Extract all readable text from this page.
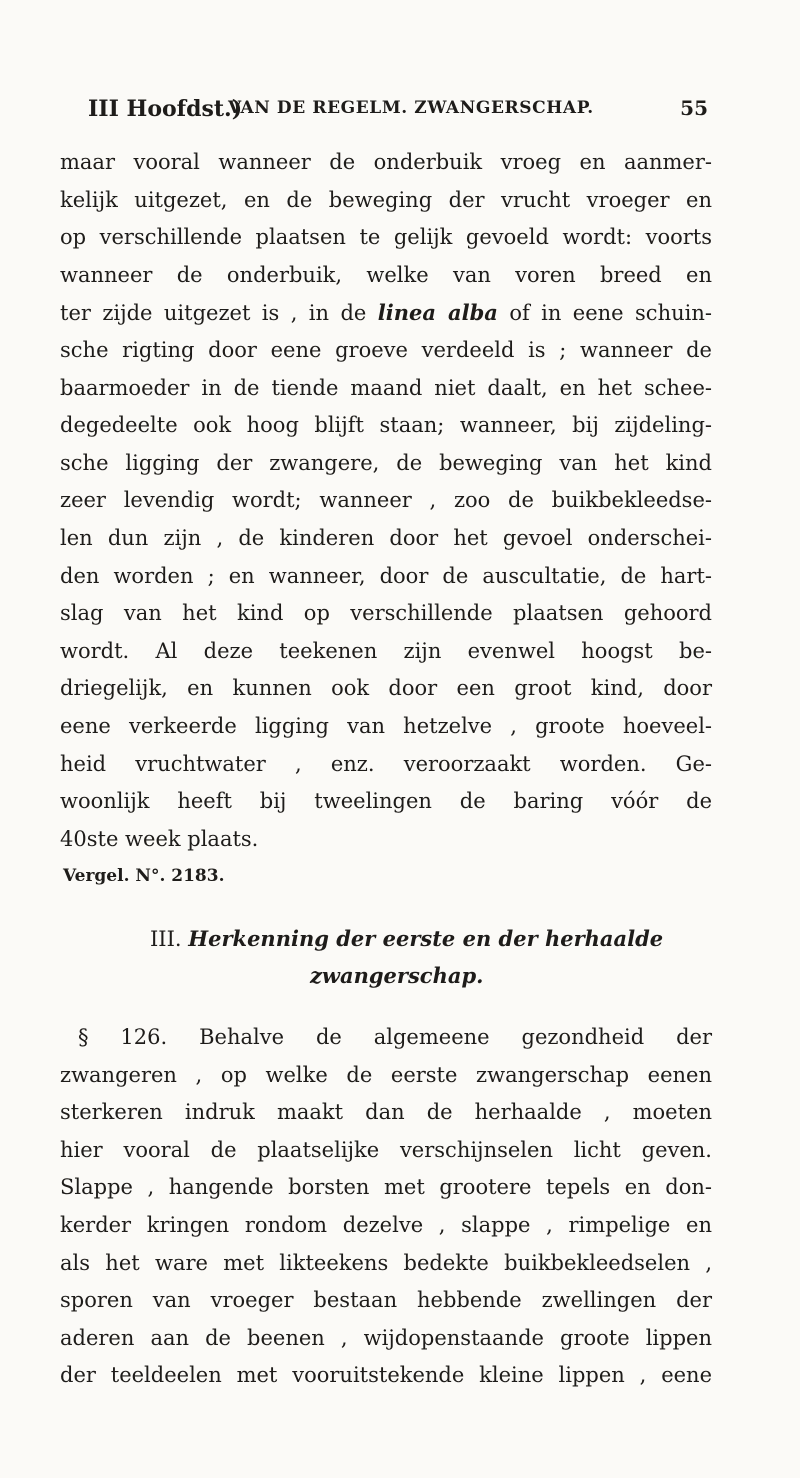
III Hoofdst.)
VAN DE REGELM. ZWANGERSCHAP.	55
maar vooral wanneer de onderbuik vroeg en aanmer-
kelijk uitgezet, en de beweging der vrucht vroeger en
op verschillende plaatsen te gelijk gevoeld wordt: voorts
wanneer de onderbuik, welke van voren breed en
ter zijde uitgezet is , in de linea alba of in eene schuin-
sche rigting door eene groeve verdeeld is ; wanneer de
baarmoeder in de tiende maand niet daalt, en het schee-
degedeelte ook hoog blijft staan; wanneer, bij zijdeling-
sche ligging der zwangere, de beweging van het kind
zeer levendig wordt; wanneer , zoo de buikbekleedse-
len dun zijn , de kinderen door het gevoel onderschei-
den worden ; en wanneer, door de auscultatie, de hart-
slag van het kind op verschillende plaatsen gehoord
wordt. Al deze teekenen zijn evenwel hoogst be-
driegelijk, en kunnen ook door een groot kind, door
eene verkeerde ligging van hetzelve , groote hoeveel-
heid vruchtwater , enz. veroorzaakt worden. Ge-
woonlijk heeft bij tweelingen de baring vóór de
40ste week plaats.
Vergel. N°. 2183.
III. Herkenning der eerste en der herhaalde
zwangerschap.
§ 126. Behalve de algemeene gezondheid der
zwangeren , op welke de eerste zwangerschap eenen
sterkeren indruk maakt dan de herhaalde , moeten
hier vooral de plaatselijke verschijnselen licht geven.
Slappe , hangende borsten met grootere tepels en don-
kerder kringen rondom dezelve , slappe , rimpelige en
als het ware met likteekens bedekte buikbekleedselen ,
sporen van vroeger bestaan hebbende zwellingen der
aderen aan de beenen , wijdopenstaande groote lippen
der teeldeelen met vooruitstekende kleine lippen , eene
